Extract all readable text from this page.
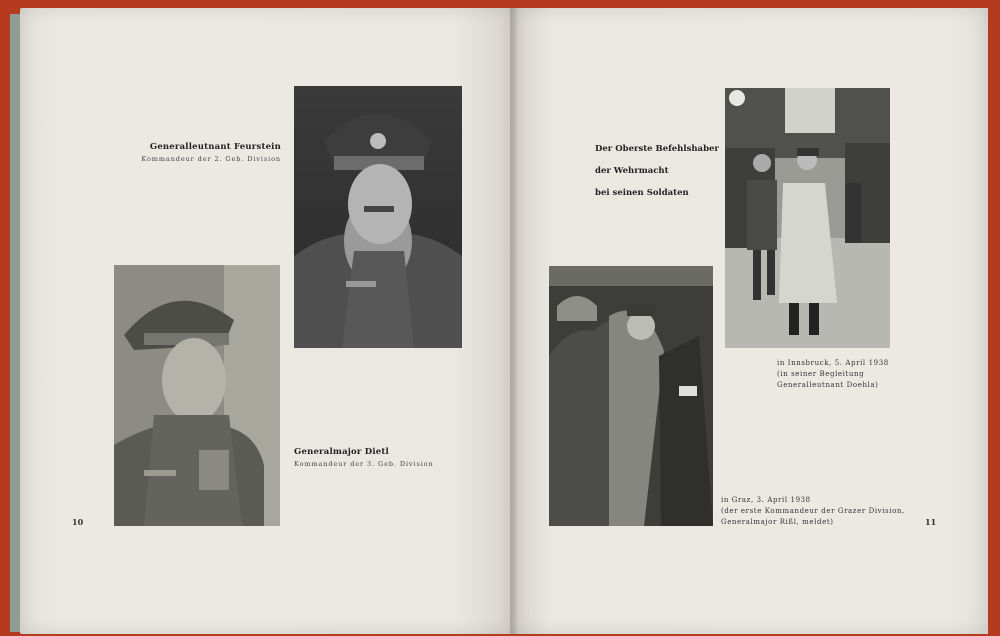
Generalleutnant Feurstein
Kommandeur der 2. Geb. Division
Generalmajor Dietl
Kommandeur der 3. Geb. Division
10
Der Oberste Befehlshaber
der Wehrmacht
bei seinen Soldaten
in Innsbruck, 5. April 1938
(in seiner Begleitung
Generalleutnant Doehla)
in Graz, 3. April 1938
(der erste Kommandeur der Grazer Division,
Generalmajor Rißl, meldet)	11
